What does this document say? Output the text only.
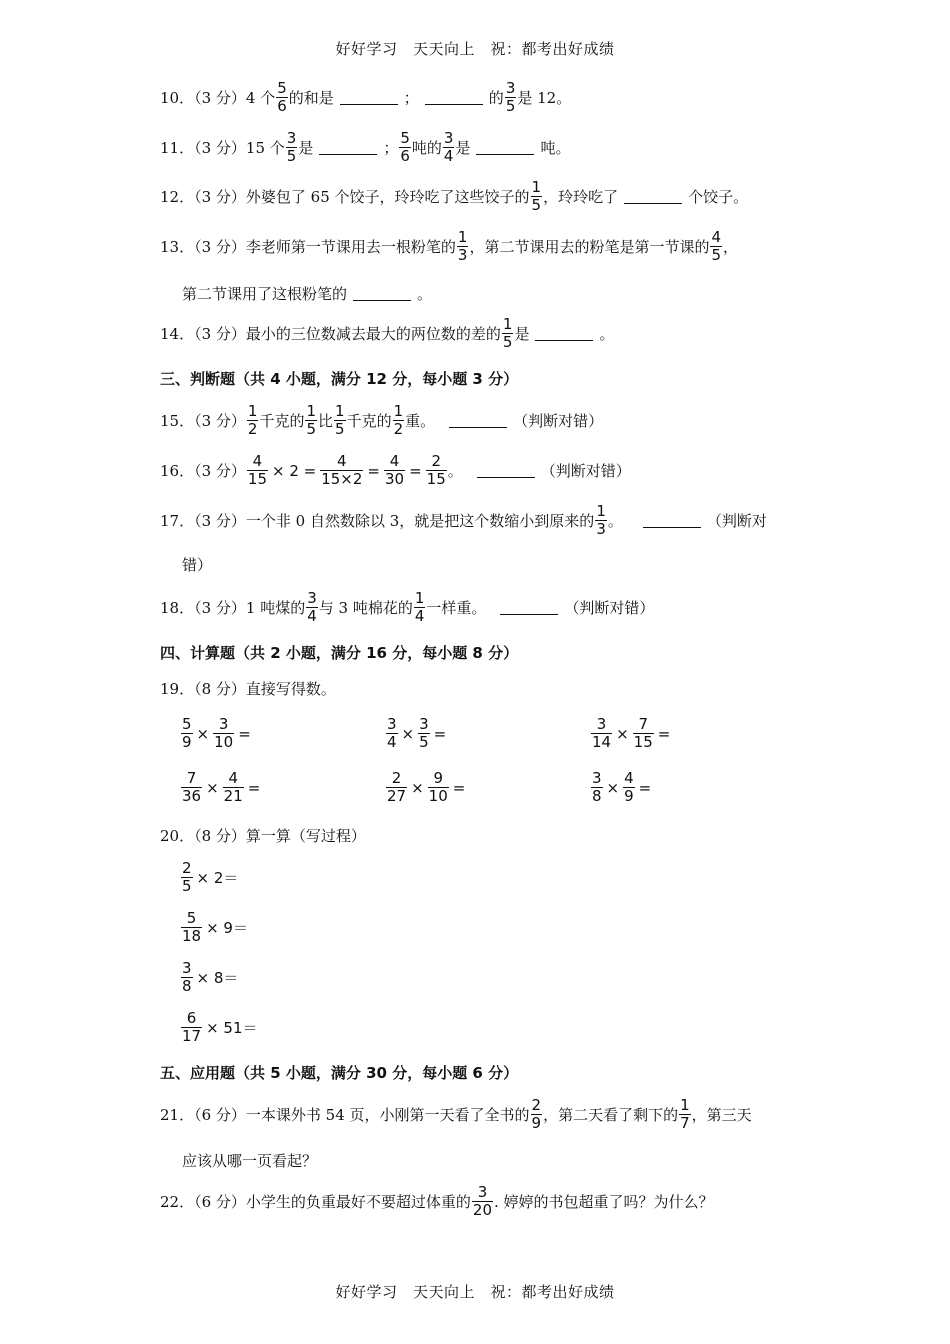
好好学习　天天向上　祝：都考出好成绩
10．（3 分） 4 个
5
6 的和是	；	的
3
5 是 12。
11．（3 分） 15 个
3
5 是	；
5
6 吨的
3
4 是	吨。
12．（3 分） 外婆包了 65 个饺子，玲玲吃了这些饺子的
1
5 ，玲玲吃了	个饺子。
13．（3 分） 李老师第一节课用去一根粉笔的
1
3 ，第二节课用去的粉笔是第一节课的
4
5 ，
第二节课用了这根粉笔的	。
14．（3 分） 最小的三位数减去最大的两位数的差的
1
5 是	。
三、判断题（共 4 小题，满分 12 分，每小题 3 分）
15．（3 分）
1
2 千克的
1
5 比
1
5 千克的
1
2 重。	（判断对错）
16．（3 分） $\frac{4}{15} \times 2 = \frac{4}{15\times 2} = \frac{4}{30} = \frac{2}{15}$ 。	（判断对错）
17．（3 分） 一个非 0 自然数除以 3，就是把这个数缩小到原来的
1
3 。	（判断对
错）
18．（3 分） 1 吨煤的
3
4 与 3 吨棉花的
1
4 一样重。	（判断对错）
四、计算题（共 2 小题，满分 16 分，每小题 8 分）
19．（8 分） 直接写得数。
$\frac{5}{9} \times \frac{3}{10}$ =	$\frac{3}{4} \times \frac{3}{5}$ =	$\frac{3}{14} \times \frac{7}{15}$ =
$\frac{7}{36} \times \frac{4}{21}$ =	$\frac{2}{27} \times \frac{9}{10}$ =	$\frac{3}{8} \times \frac{4}{9}$ =
20．（8 分） 算一算（写过程）
$\frac{2}{5} \times 2=$
$\frac{5}{18} \times 9=$
$\frac{3}{8} \times 8=$
$\frac{6}{17} \times 51=$
五、应用题（共 5 小题，满分 30 分，每小题 6 分）
21．（6 分） 一本课外书 54 页，小刚第一天看了全书的
2
9 ，第二天看了剩下的
1
7 ，第三天
应该从哪一页看起？
22．（6 分） 小学生的负重最好不要超过体重的
3
20 . 婷婷的书包超重了吗？为什么？
好好学习　天天向上　祝：都考出好成绩
